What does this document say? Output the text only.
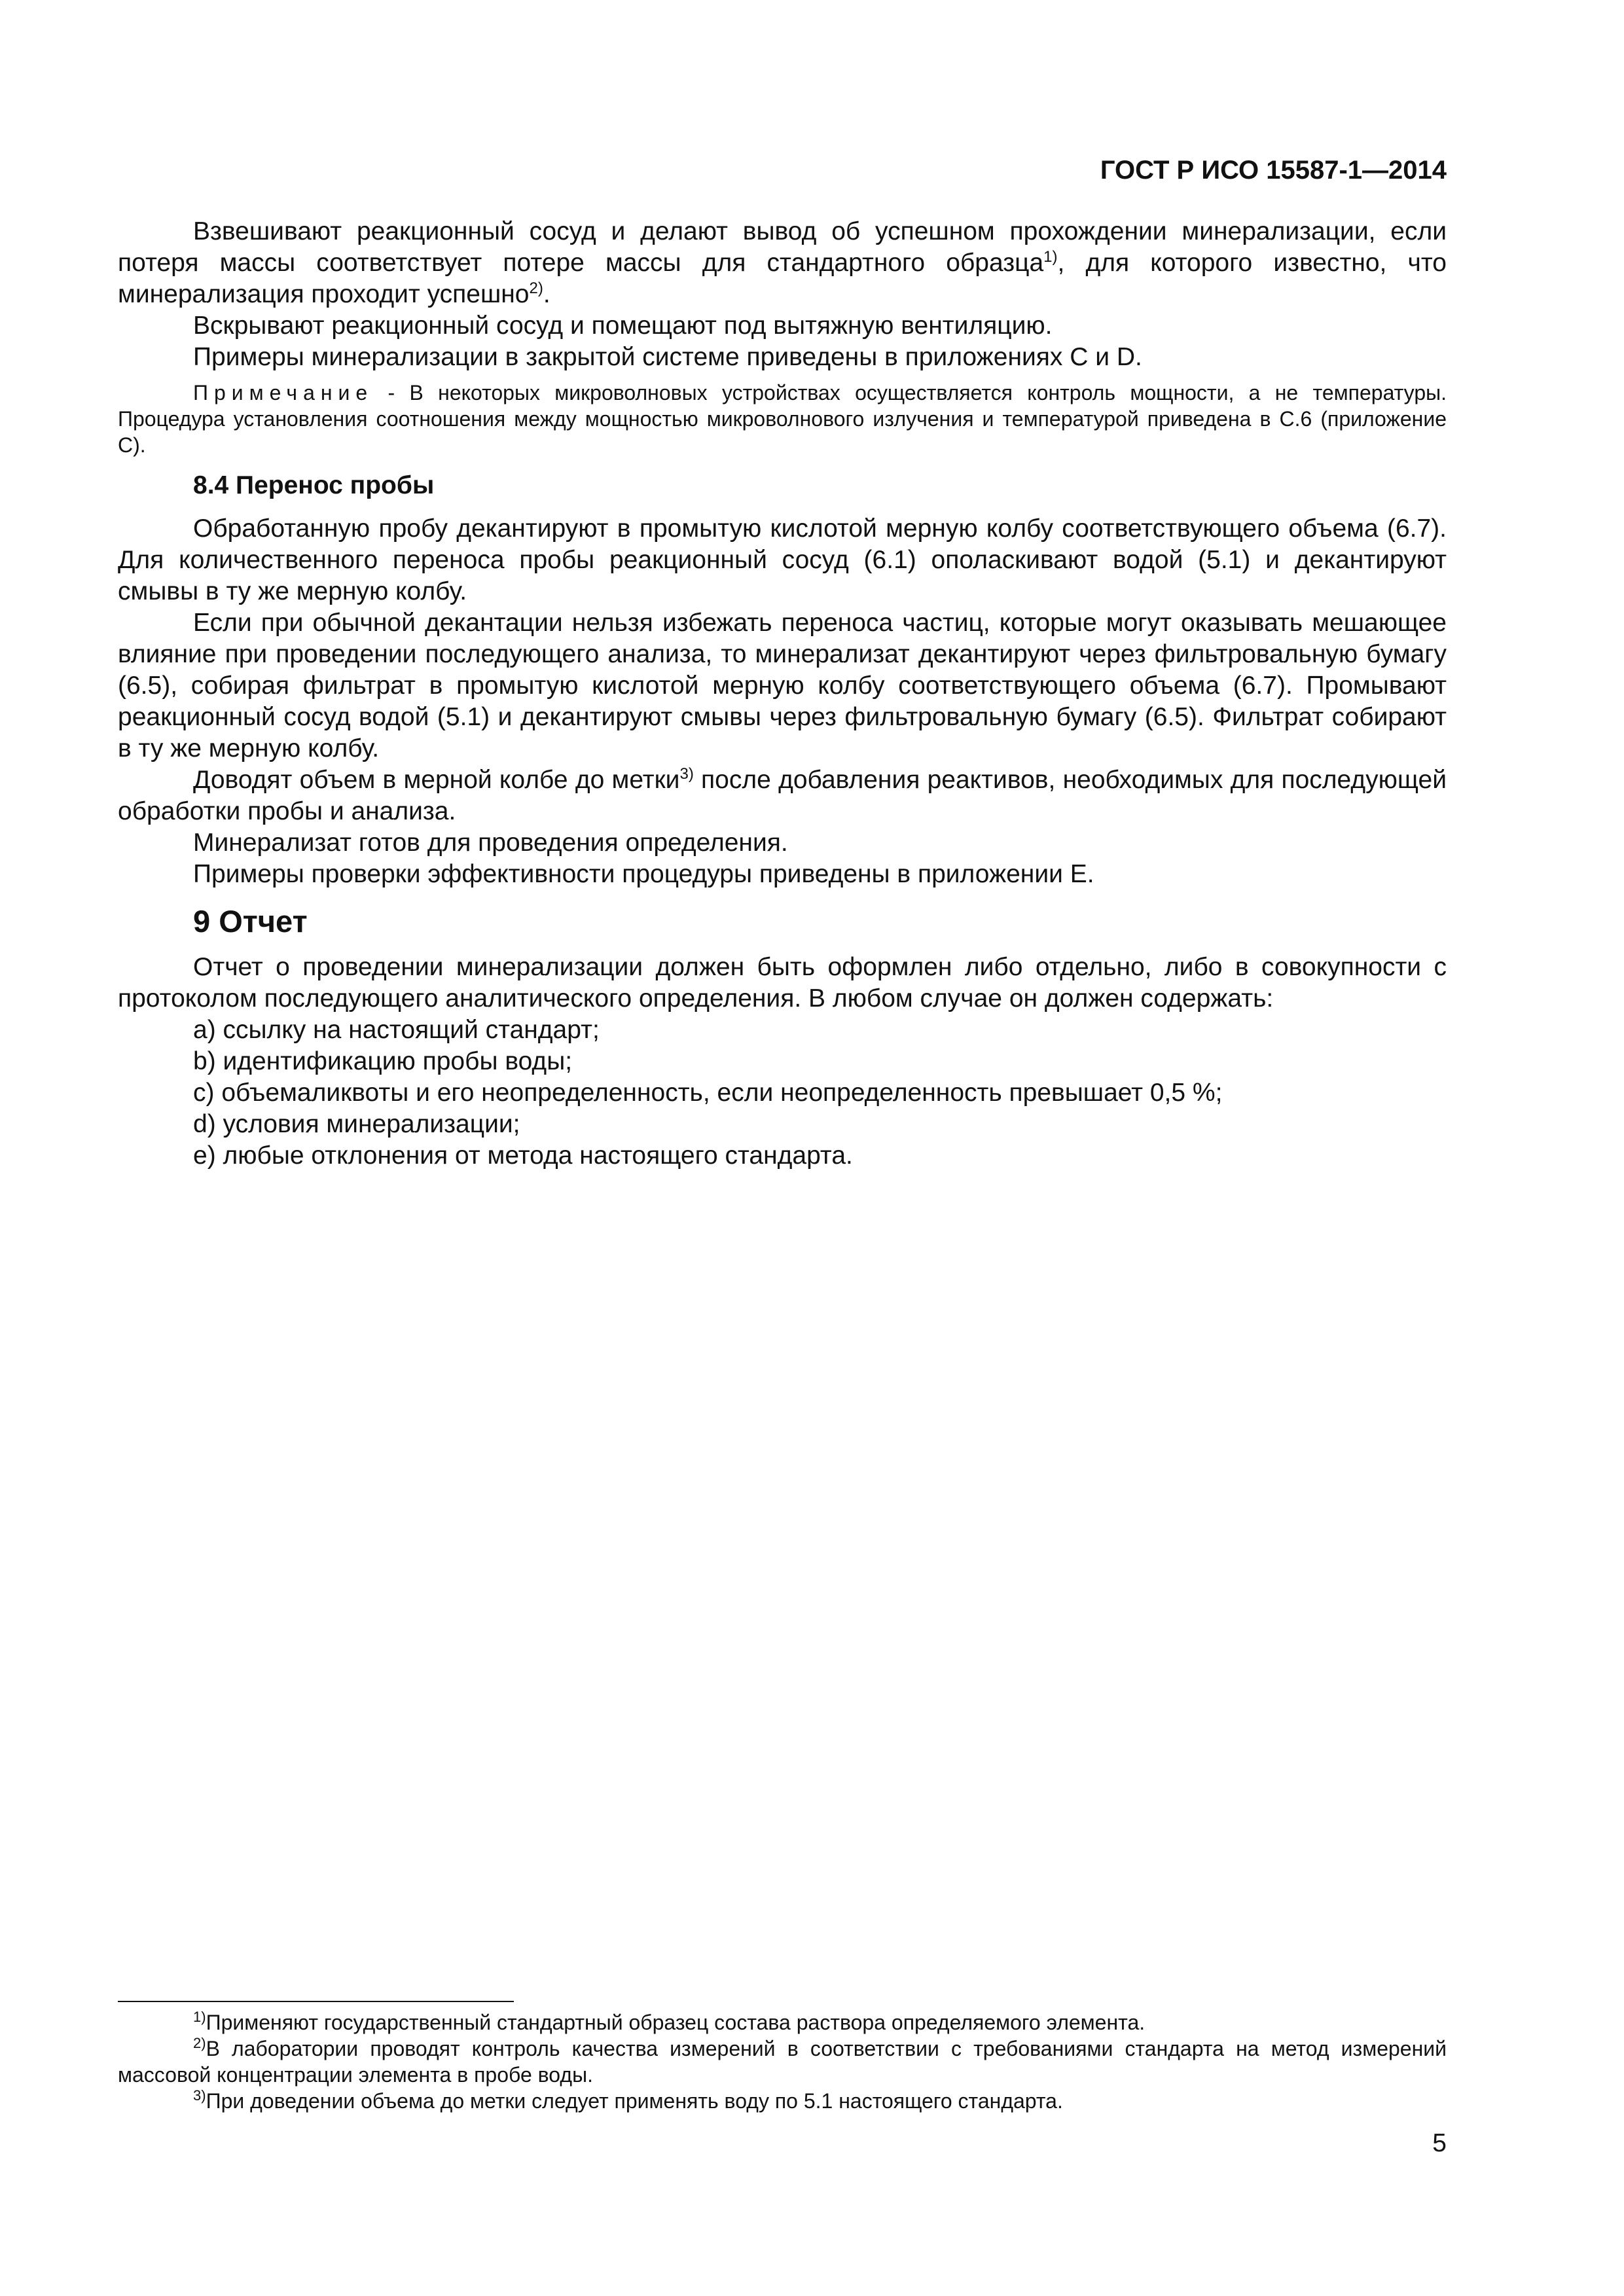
ГОСТ Р ИСО 15587-1—2014

Взвешивают реакционный сосуд и делают вывод об успешном прохождении минерализации, если потеря массы соответствует потере массы для стандартного образца$^{1)}$, для которого известно, что минерализация проходит успешно$^{2)}$.

Вскрывают реакционный сосуд и помещают под вытяжную вентиляцию.

Примеры минерализации в закрытой системе приведены в приложениях С и D.

Примечание - В некоторых микроволновых устройствах осуществляется контроль мощности, а не температуры. Процедура установления соотношения между мощностью микроволнового излучения и температурой приведена в С.6 (приложение С).

8.4 Перенос пробы

Обработанную пробу декантируют в промытую кислотой мерную колбу соответствующего объема (6.7). Для количественного переноса пробы реакционный сосуд (6.1) ополаскивают водой (5.1) и декантируют смывы в ту же мерную колбу.

Если при обычной декантации нельзя избежать переноса частиц, которые могут оказывать мешающее влияние при проведении последующего анализа, то минерализат декантируют через фильтровальную бумагу (6.5), собирая фильтрат в промытую кислотой мерную колбу соответствующего объема (6.7). Промывают реакционный сосуд водой (5.1) и декантируют смывы через фильтровальную бумагу (6.5). Фильтрат собирают в ту же мерную колбу.

Доводят объем в мерной колбе до метки$^{3)}$ после добавления реактивов, необходимых для последующей обработки пробы и анализа.

Минерализат готов для проведения определения.

Примеры проверки эффективности процедуры приведены в приложении Е.

9 Отчет

Отчет о проведении минерализации должен быть оформлен либо отдельно, либо в совокупности с протоколом последующего аналитического определения. В любом случае он должен содержать:

а) ссылку на настоящий стандарт;

b) идентификацию пробы воды;

с) объемаликвоты и его неопределенность, если неопределенность превышает 0,5 %;

d) условия минерализации;

е) любые отклонения от метода настоящего стандарта.

$^{1)}$Применяют государственный стандартный образец состава раствора определяемого элемента.

$^{2)}$В лаборатории проводят контроль качества измерений в соответствии с требованиями стандарта на метод измерений массовой концентрации элемента в пробе воды.

$^{3)}$При доведении объема до метки следует применять воду по 5.1 настоящего стандарта.

5
